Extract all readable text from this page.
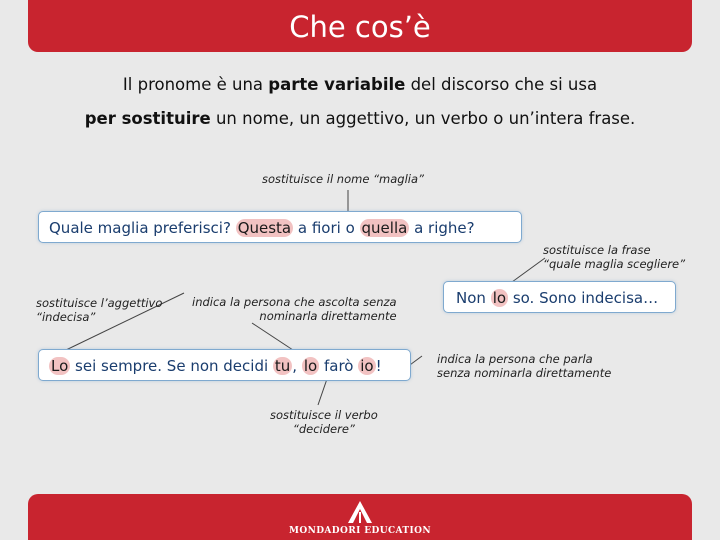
Che cos’è
Il pronome è una parte variabile del discorso che si usa
per sostituire un nome, un aggettivo, un verbo o un’intera frase.
sostituisce il nome “maglia”
Quale maglia preferisci? Questa a fiori o quella a righe?
sostituisce la frase
“quale maglia scegliere”
Non lo so. Sono indecisa…
sostituisce l’aggettivo
“indecisa”
indica la persona che ascolta senza
nominarla direttamente
Lo sei sempre. Se non decidi tu , lo farò io !	indica la persona che parla
senza nominarla direttamente
sostituisce il verbo
“decidere”
MONDADORI EDUCATION
